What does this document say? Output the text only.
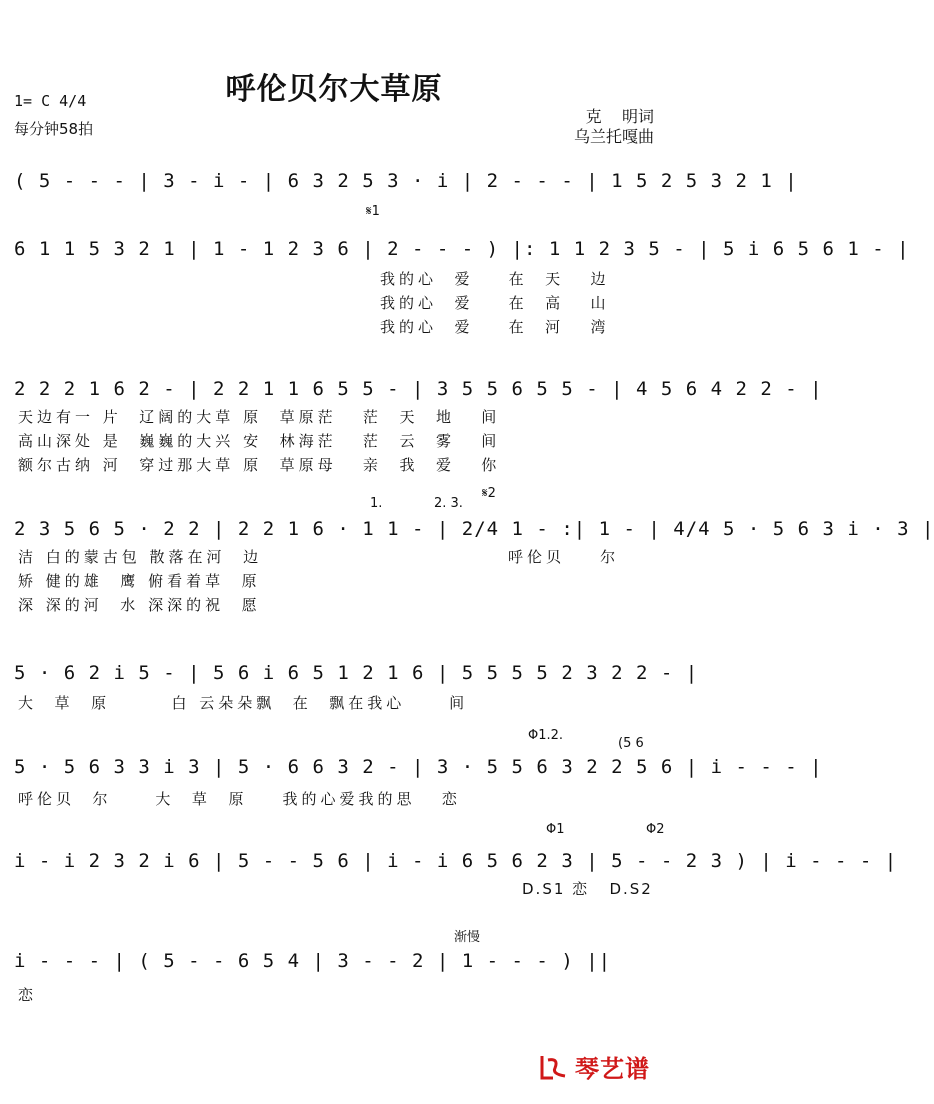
呼伦贝尔大草原
1= C 4/4
每分钟58拍
克    明词
乌兰托嘎曲
( 5 - - - | 3 - i - | 6 3 2 5 3 · i | 2 - - - | 1 5 2 5 3 2 1 |
6 1 1 5 3 2 1 | 1 - 1 2 3 6 | 2 - - - ) |: 1 1 2 3 5 - | 5 i 6 5 6 1 - |
𝄋1
我的心  爱    在  天   边
我的心  爱    在  高   山
我的心  爱    在  河   湾
2 2 2 1 6 2 - | 2 2 1 1 6 5 5 - | 3 5 5 6 5 5 - | 4 5 6 4 2 2 - |
天边有一 片  辽阔的大草 原  草原茫   茫  天  地   间
高山深处 是  巍巍的大兴 安  林海茫   茫  云  雾   间
额尔古纳 河  穿过那大草 原  草原母   亲  我  爱   你
2 3 5 6 5 · 2 2 | 2 2 1 6 · 1 1 - | 2/4 1 - :| 1 - | 4/4 5 · 5 6 3 i · 3 |
1.	2. 3.
𝄋2
洁 白的蒙古包 散落在河  边
矫 健的雄  鹰 俯看着草  原
深 深的河  水 深深的祝  愿
呼伦贝    尔
5 · 6 2 i 5 - | 5 6 i 6 5 1 2 1 6 | 5 5 5 5 2 3 2 2 - |
大  草  原       白 云朵朵飘  在  飘在我心     间
5 · 5 6 3 3 i 3 | 5 · 6 6 3 2 - | 3 · 5 5 6 3 2 2 5 6 | i - - - |
Φ1.2.
(5 6
呼伦贝  尔     大  草  原    我的心爱我的思   恋
i - i 2 3 2 i 6 | 5 - - 5 6 | i - i 6 5 6 2 3 | 5 - - 2 3 ) | i - - - |
Φ1	Φ2
D.S1 恋   D.S2
i - - - | ( 5 - - 6 5 4 | 3 - - 2 | 1 - - - ) ||
渐慢
恋
琴艺谱
